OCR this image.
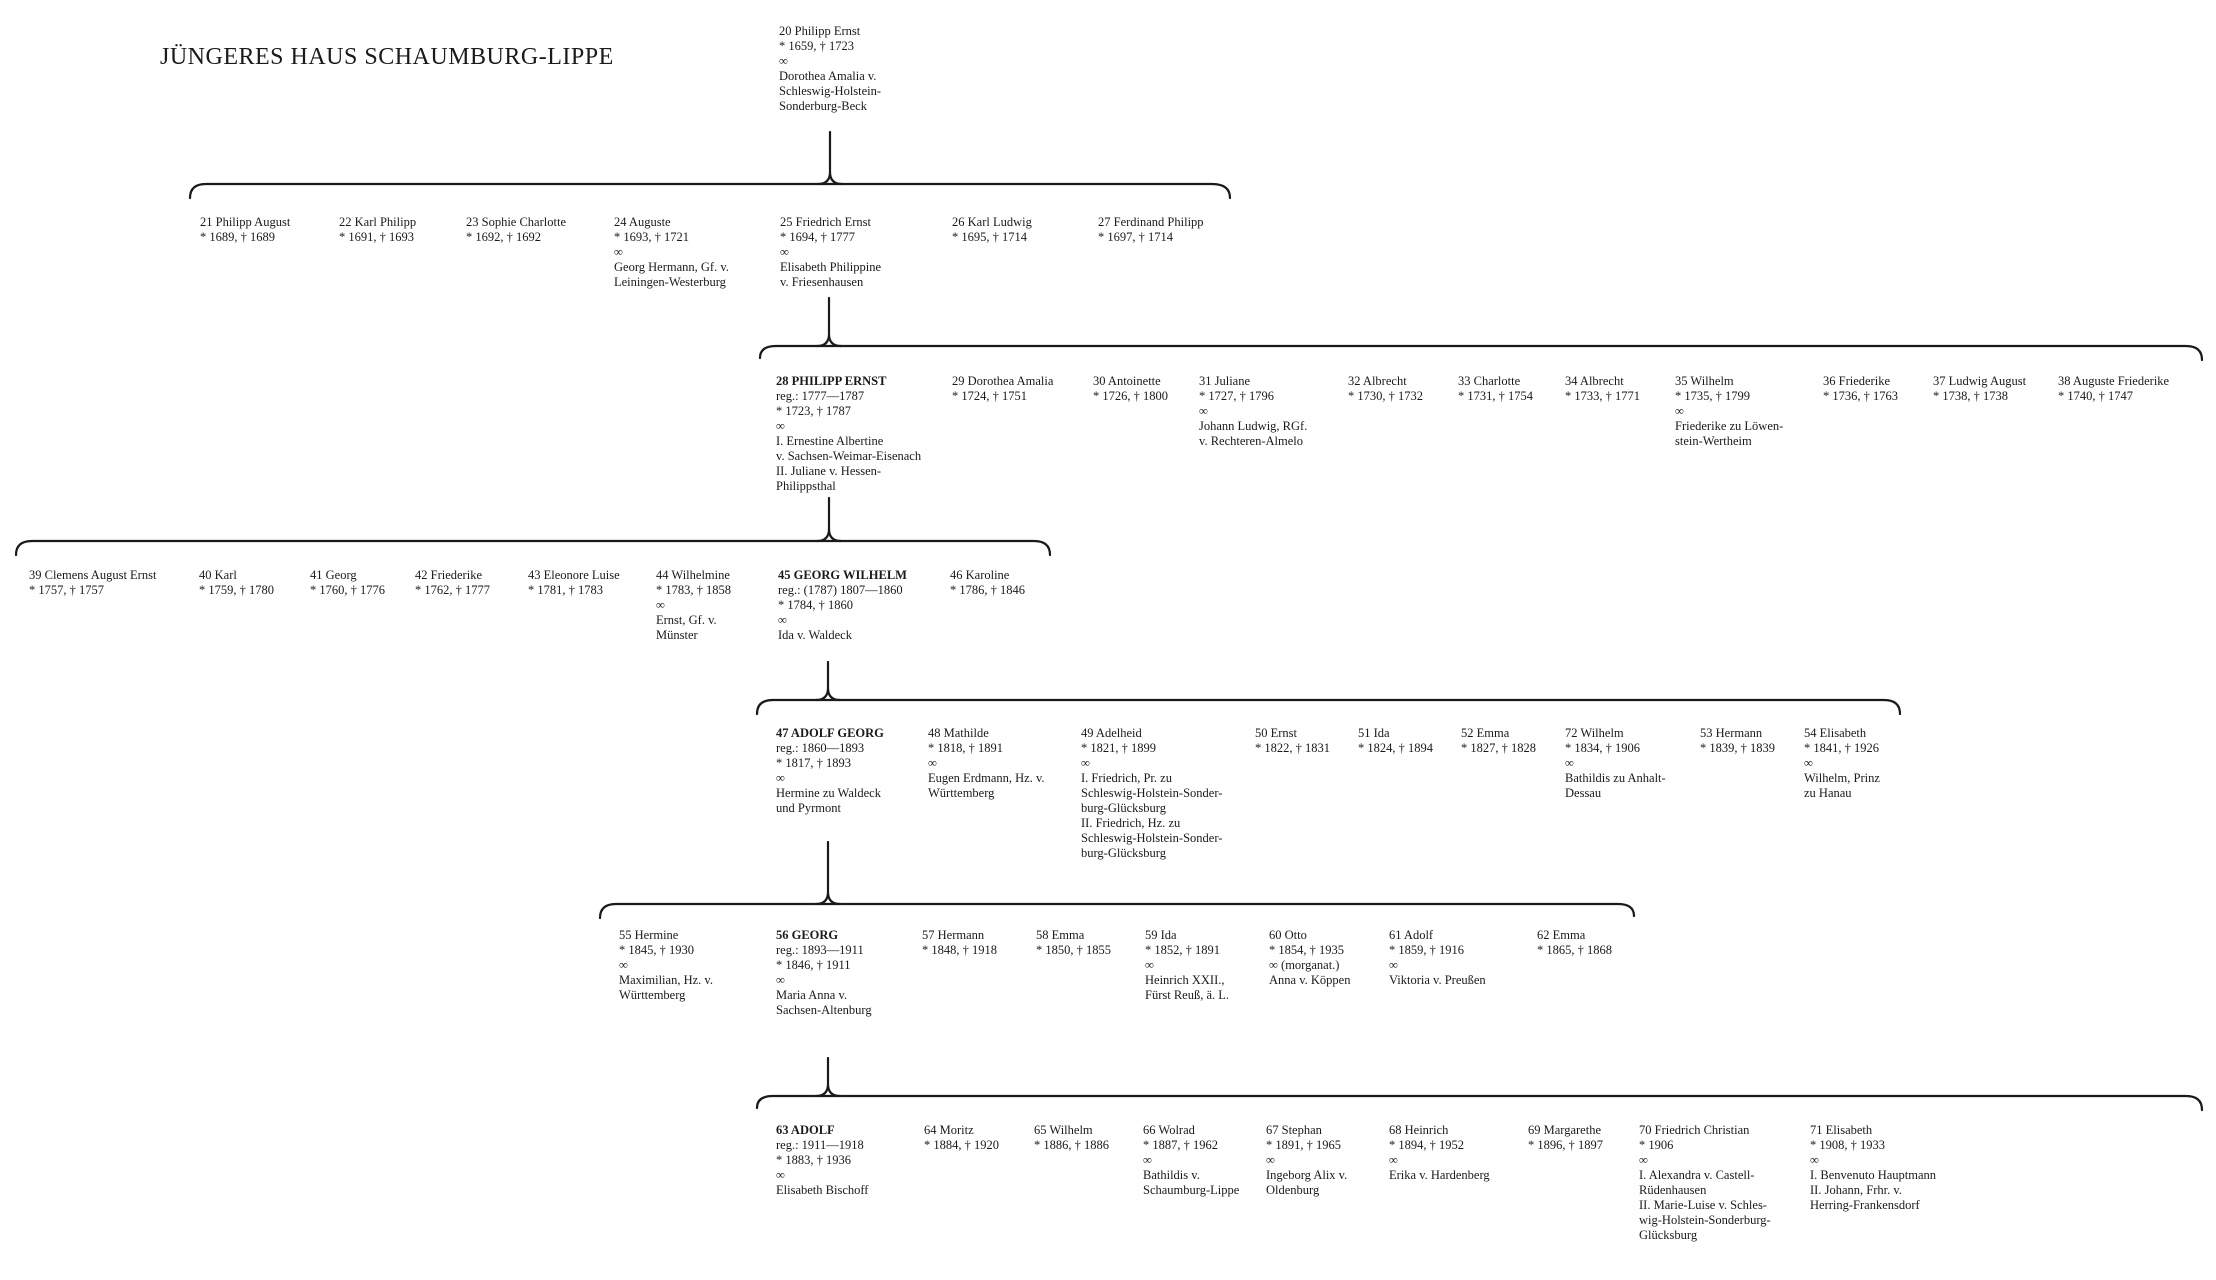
JÜNGERES HAUS SCHAUMBURG-LIPPE
20 Philipp Ernst
* 1659, † 1723
∞
Dorothea Amalia v.
Schleswig-Holstein-
Sonderburg-Beck
21 Philipp August
* 1689, † 1689
22 Karl Philipp
* 1691, † 1693
23 Sophie Charlotte
* 1692, † 1692
24 Auguste
* 1693, † 1721
∞
Georg Hermann, Gf. v.
Leiningen-Westerburg
25 Friedrich Ernst
* 1694, † 1777
∞
Elisabeth Philippine
v. Friesenhausen
26 Karl Ludwig
* 1695, † 1714
27 Ferdinand Philipp
* 1697, † 1714
28 PHILIPP ERNST
reg.: 1777—1787
* 1723, † 1787
∞
I. Ernestine Albertine
v. Sachsen-Weimar-Eisenach
II. Juliane v. Hessen-
Philippsthal
29 Dorothea Amalia
* 1724, † 1751
30 Antoinette
* 1726, † 1800
31 Juliane
* 1727, † 1796
∞
Johann Ludwig, RGf.
v. Rechteren-Almelo
32 Albrecht
* 1730, † 1732
33 Charlotte
* 1731, † 1754
34 Albrecht
* 1733, † 1771
35 Wilhelm
* 1735, † 1799
∞
Friederike zu Löwen-
stein-Wertheim
36 Friederike
* 1736, † 1763
37 Ludwig August
* 1738, † 1738
38 Auguste Friederike
* 1740, † 1747
39 Clemens August Ernst
* 1757, † 1757
40 Karl
* 1759, † 1780
41 Georg
* 1760, † 1776
42 Friederike
* 1762, † 1777
43 Eleonore Luise
* 1781, † 1783
44 Wilhelmine
* 1783, † 1858
∞
Ernst, Gf. v.
Münster
45 GEORG WILHELM
reg.: (1787) 1807—1860
* 1784, † 1860
∞
Ida v. Waldeck
46 Karoline
* 1786, † 1846
47 ADOLF GEORG
reg.: 1860—1893
* 1817, † 1893
∞
Hermine zu Waldeck
und Pyrmont
48 Mathilde
* 1818, † 1891
∞
Eugen Erdmann, Hz. v.
Württemberg
49 Adelheid
* 1821, † 1899
∞
I. Friedrich, Pr. zu
Schleswig-Holstein-Sonder-
burg-Glücksburg
II. Friedrich, Hz. zu
Schleswig-Holstein-Sonder-
burg-Glücksburg
50 Ernst
* 1822, † 1831
51 Ida
* 1824, † 1894
52 Emma
* 1827, † 1828
72 Wilhelm
* 1834, † 1906
∞
Bathildis zu Anhalt-
Dessau
53 Hermann
* 1839, † 1839
54 Elisabeth
* 1841, † 1926
∞
Wilhelm, Prinz
zu Hanau
55 Hermine
* 1845, † 1930
∞
Maximilian, Hz. v.
Württemberg
56 GEORG
reg.: 1893—1911
* 1846, † 1911
∞
Maria Anna v.
Sachsen-Altenburg
57 Hermann
* 1848, † 1918
58 Emma
* 1850, † 1855
59 Ida
* 1852, † 1891
∞
Heinrich XXII.,
Fürst Reuß, ä. L.
60 Otto
* 1854, † 1935
∞ (morganat.)
Anna v. Köppen
61 Adolf
* 1859, † 1916
∞
Viktoria v. Preußen
62 Emma
* 1865, † 1868
63 ADOLF
reg.: 1911—1918
* 1883, † 1936
∞
Elisabeth Bischoff
64 Moritz
* 1884, † 1920
65 Wilhelm
* 1886, † 1886
66 Wolrad
* 1887, † 1962
∞
Bathildis v.
Schaumburg-Lippe
67 Stephan
* 1891, † 1965
∞
Ingeborg Alix v.
Oldenburg
68 Heinrich
* 1894, † 1952
∞
Erika v. Hardenberg
69 Margarethe
* 1896, † 1897
70 Friedrich Christian
* 1906
∞
I. Alexandra v. Castell-
Rüdenhausen
II. Marie-Luise v. Schles-
wig-Holstein-Sonderburg-
Glücksburg
71 Elisabeth
* 1908, † 1933
∞
I. Benvenuto Hauptmann
II. Johann, Frhr. v.
Herring-Frankensdorf
